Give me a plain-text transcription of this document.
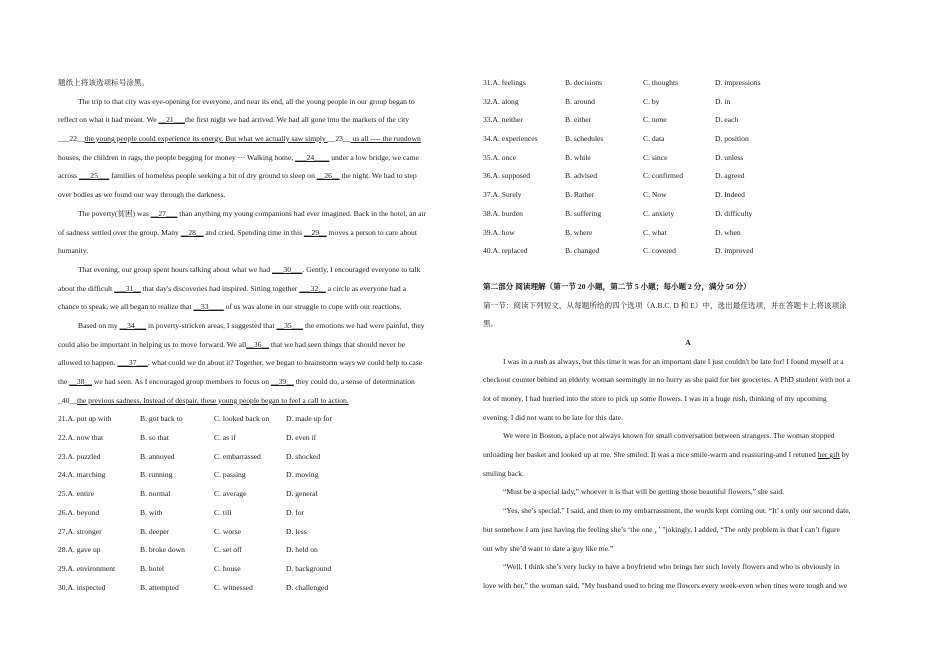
题纸上将该选项标号涂黑。
The trip to that city was eye-opening for everyone, and near its end, all the young people in our group began to
reflect on what it had meant. We __21___the first night we had arrived. We had all gone into the markets of the city
___22__the young people could experience its energy. But what we actually saw simply __23__ us all ---- the rundown
houses, the children in rags, the people begging for money ··· Walking home, ___24____ under a low bridge, we came
across ___25___ families of homeless people seeking a bit of dry ground to sleep on __26__ the night. We had to step
over bodies as we found our way through the darkness.
The poverty(贫困) was __27___ than anything my young companions had ever imagined. Back in the hotel, an air
of sadness settled over the group. Many __28__ and cried. Spending time in this __29__ moves a person to care about
humanity.
That evening, our group spent hours talking about what we had ___30___. Gently, I encouraged everyone to talk
about the difficult ___31__ that day's discoveries had inspired. Sitting together ___32__ a circle as everyone had a
chance to speak, we all began to realize that __33____ of us was alone in our struggle to cope with our reactions.
Based on my __34___ in poverty-stricken areas, I suggested that __35___ the emotions we had were painful, they
could also be important in helping us to move forward. We all__36__ that we had seen things that should never be
allowed to happen. ___37___, what could we do about it? Together, we began to brainstorm ways we could help to case
the __38__ we had seen. As I encouraged group members to focus on __39__ they could do, a sense of determination
_40__the previous sadness, Instead of despair, these young people began to feel a call to action.
21.A. put up with	B. got back to	C. looked back on D. made up for
22.A. now that	B. so that	C. as if	D. even if
23.A. puzzled	B. annoyed	C. embarrassed	D. shocked
24.A. marching	B. running	C. passing	D. moving
25.A. entire	B. normal	C. average	D. general
26.A. beyond	B. with	C. till	D. for
27.A. stronger	B. deeper	C. worse	D. less
28.A. gave up	B. broke down	C. set off	D. held on
29.A. environment	B. hotel	C. house	D. background
30.A. inspected	B. attempted	C. witnessed	D. challenged
31.A. feelings	B. decisions	C. thoughts	D. impressions
32.A. along	B. around	C. by	D. in
33.A. neither	B. either	C. none	D. each
34.A. experiences	B. schedules	C. data	D. position
35.A. once	B. while	C. since	D. unless
36.A. supposed	B. advised	C. confirmed	D. agreed
37.A. Surely	B. Rather	C. Now	D. Indeed
38.A. burden	B. suffering	C. anxiety	D. difficulty
39.A. how	B. where	C. what	D. when
40.A. replaced	B. changed	C. covered	D. improved
第二部分 阅读理解（第一节 20 小题，第二节 5 小题；每小题 2 分，满分 50 分）
第一节：阅读下列短文，从每题所给的四个选项（A.B.C. D 和 E）中，选出最佳选项，并在答题卡上将该项涂
黑。
A
I was in a rush as always, but this time it was for an important date I just couldn't be late for! I found myself at a
checkout counter behind an elderly woman seemingly in no hurry as she paid for her groceries. A PhD student with not a
lot of money, I had hurried into the store to pick up some flowers. I was in a huge rush, thinking of my upcoming
evening. I did not want to be late for this date.
We were in Boston, a place not always known for small conversation between strangers. The woman stopped
unloading her basket and looked up at me. She smiled. It was a nice smile-warm and reassuring-and I retuned her gift by
smiling back.
“Must be a special lady,” whoever it is that will be getting those beautiful flowers,” she said.
“Yes, she’s special,” I said, and then to my embarrassment, the words kept coming out. “It’ s only our second date,
but somehow I am just having the feeling she’s ‘the one ，’ ”jokingly, I added, “The only problem is that I can’t figure
out why she’d want to date a guy like me.”
“Well, I think she’s very lucky to have a boyfriend who brings her such lovely flowers and who is obviously in
love with her,” the woman said. "My husband used to bring me flowers every week-even when tines were tough and we
